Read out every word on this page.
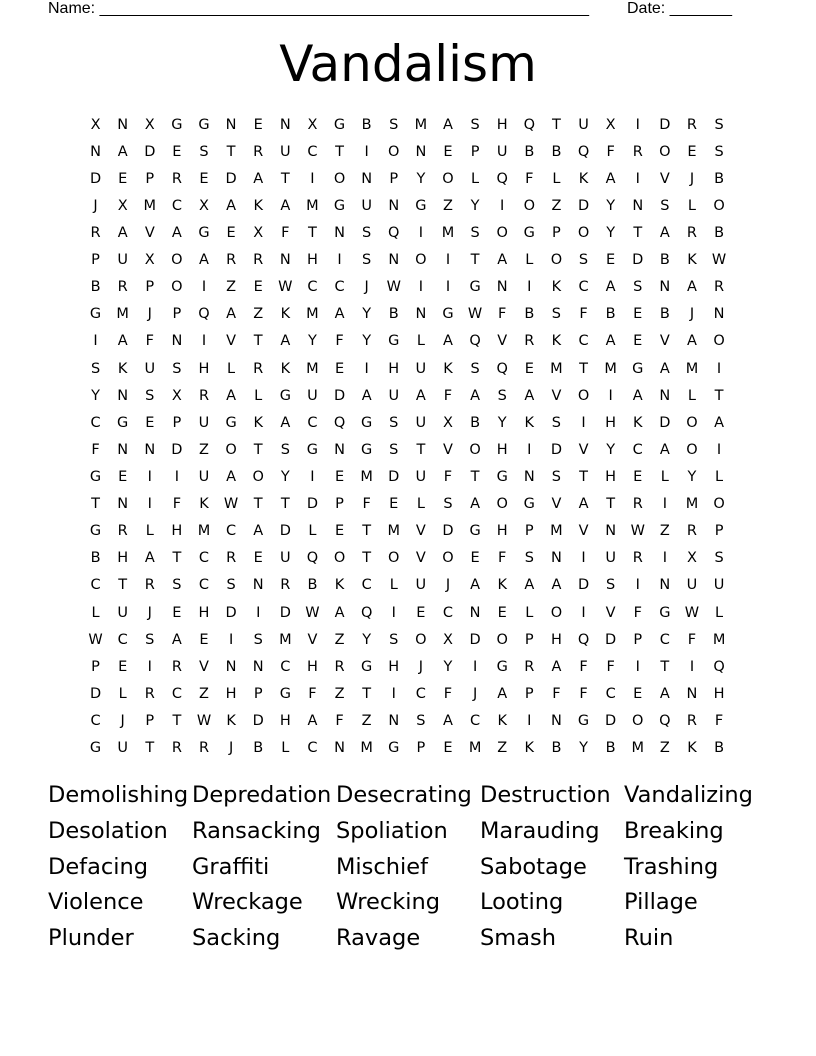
Name: _______________________________________________________ Date: _______
Vandalism
X	N	X	G	G	N	E	N	X	G	B	S	M	A	S	H	Q	T	U	X	I	D	R	S
N	A	D	E	S	T	R	U	C	T	I	O	N	E	P	U	B	B	Q	F	R	O	E	S
D	E	P	R	E	D	A	T	I	O	N	P	Y	O	L	Q	F	L	K	A	I	V	J	B
J	X	M	C	X	A	K	A	M	G	U	N	G	Z	Y	I	O	Z	D	Y	N	S	L	O
R	A	V	A	G	E	X	F	T	N	S	Q	I	M	S	O	G	P	O	Y	T	A	R	B
P	U	X	O	A	R	R	N	H	I	S	N	O	I	T	A	L	O	S	E	D	B	K	W
B	R	P	O	I	Z	E	W	C	C	J	W	I	I	G	N	I	K	C	A	S	N	A	R
G	M	J	P	Q	A	Z	K	M	A	Y	B	N	G W	F	B	S	F	B	E	B	J	N
I	A	F	N	I	V	T	A	Y	F	Y	G	L	A	Q	V	R	K	C	A	E	V	A	O
S	K	U	S	H	L	R	K	M	E	I	H	U	K	S	Q	E	M	T	M	G	A	M	I
Y	N	S	X	R	A	L	G	U	D	A	U	A	F	A	S	A	V	O	I	A	N	L	T
C	G	E	P	U	G	K	A	C	Q	G	S	U	X	B	Y	K	S	I	H	K	D	O	A
F	N	N	D	Z	O	T	S	G	N	G	S	T	V	O	H	I	D	V	Y	C	A	O	I
G	E	I	I	U	A	O	Y	I	E	M	D	U	F	T	G	N	S	T	H	E	L	Y	L
T	N	I	F	K	W	T	T	D	P	F	E	L	S	A	O	G	V	A	T	R	I	M	O
G	R	L	H	M	C	A	D	L	E	T	M	V	D	G	H	P	M	V	N	W	Z	R	P
B	H	A	T	C	R	E	U	Q	O	T	O	V	O	E	F	S	N	I	U	R	I	X	S
C	T	R	S	C	S	N	R	B	K	C	L	U	J	A	K	A	A	D	S	I	N	U	U
L	U	J	E	H	D	I	D W	A	Q	I	E	C	N	E	L	O	I	V	F	G W	L
W	C	S	A	E	I	S	M	V	Z	Y	S	O	X	D	O	P	H	Q	D	P	C	F	M
P	E	I	R	V	N	N	C	H	R	G	H	J	Y	I	G	R	A	F	F	I	T	I	Q
D	L	R	C	Z	H	P	G	F	Z	T	I	C	F	J	A	P	F	F	C	E	A	N	H
C	J	P	T	W	K	D	H	A	F	Z	N	S	A	C	K	I	N	G	D	O	Q	R	F
G	U	T	R	R	J	B	L	C	N	M	G	P	E	M	Z	K	B	Y	B	M	Z	K	B
Demolishing Depredation Desecrating Destruction Vandalizing
Desolation	Ransacking Spoliation	Marauding	Breaking
Defacing	Graffiti	Mischief	Sabotage	Trashing
Violence	Wreckage	Wrecking	Looting	Pillage
Plunder	Sacking	Ravage	Smash	Ruin
